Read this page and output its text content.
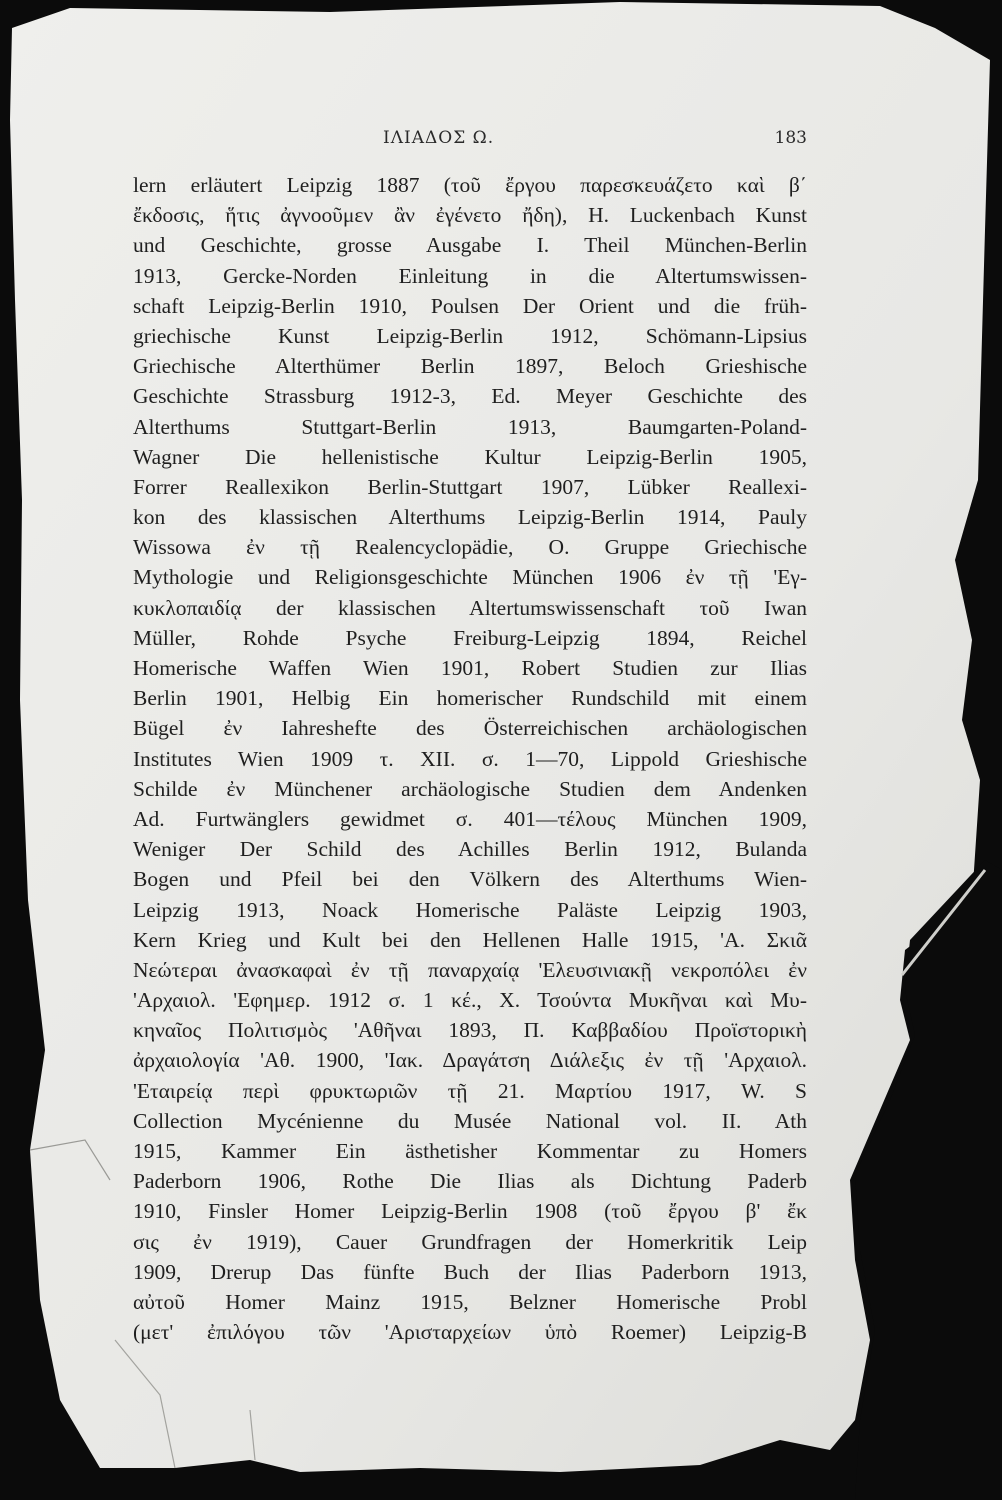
ΙΛΙΑΔΟΣ Ω.	183
lern erläutert Leipzig 1887 (τοῦ ἔργου παρεσκευάζετο καὶ β΄
ἔκδοσις, ἥτις ἀγνοοῦμεν ἂν ἐγένετο ἤδη), H. Luckenbach Kunst
und Geschichte, grosse Ausgabe I. Theil München-Berlin
1913, Gercke-Norden Einleitung in die Altertumswissen-
schaft Leipzig-Berlin 1910, Poulsen Der Orient und die früh-
griechische Kunst Leipzig-Berlin 1912, Schömann-Lipsius
Griechische Alterthümer Berlin 1897, Beloch Grieshische
Geschichte Strassburg 1912-3, Ed. Meyer Geschichte des
Alterthums Stuttgart-Berlin 1913, Baumgarten-Poland-
Wagner Die hellenistische Kultur Leipzig-Berlin 1905,
Forrer Reallexikon Berlin-Stuttgart 1907, Lübker Reallexi-
kon des klassischen Alterthums Leipzig-Berlin 1914, Pauly
Wissowa ἐν τῇ Realencyclopädie, O. Gruppe Griechische
Mythologie und Religionsgeschichte München 1906 ἐν τῇ 'Εγ-
κυκλοπαιδίᾳ der klassischen Altertumswissenschaft τοῦ Iwan
Müller, Rohde Psyche Freiburg-Leipzig 1894, Reichel
Homerische Waffen Wien 1901, Robert Studien zur Ilias
Berlin 1901, Helbig Ein homerischer Rundschild mit einem
Bügel ἐν Iahreshefte des Österreichischen archäologischen
Institutes Wien 1909 τ. XII. σ. 1—70, Lippold Grieshische
Schilde ἐν Münchener archäologische Studien dem Andenken
Ad. Furtwänglers gewidmet σ. 401—τέλους München 1909,
Weniger Der Schild des Achilles Berlin 1912, Bulanda
Bogen und Pfeil bei den Völkern des Alterthums Wien-
Leipzig 1913, Noack Homerische Paläste Leipzig 1903,
Kern Krieg und Kult bei den Hellenen Halle 1915, 'Α. Σκιᾶ
Νεώτεραι ἀνασκαφαὶ ἐν τῇ παναρχαίᾳ 'Ελευσινιακῇ νεκροπόλει ἐν
'Αρχαιολ. 'Εφημερ. 1912 σ. 1 κέ., Χ. Τσούντα Μυκῆναι καὶ Μυ-
κηναῖος Πολιτισμὸς 'Αθῆναι 1893, Π. Καββαδίου Προϊστορικὴ
ἀρχαιολογία 'Αθ. 1900, 'Ιακ. Δραγάτση Διάλεξις ἐν τῇ 'Αρχαιολ.
'Εταιρείᾳ περὶ φρυκτωριῶν τῇ 21. Μαρτίου 1917, W. S
Collection Mycénienne du Musée National vol. II. Ath
1915, Kammer Ein ästhetisher Kommentar zu Homers
Paderborn 1906, Rothe Die Ilias als Dichtung Paderb
1910, Finsler Homer Leipzig-Berlin 1908 (τοῦ ἔργου β' ἔκ
σις ἐν 1919), Cauer Grundfragen der Homerkritik Leip
1909, Drerup Das fünfte Buch der Ilias Paderborn 1913,
αὐτοῦ Homer Mainz 1915, Belzner Homerische Probl
(μετ' ἐπιλόγου τῶν 'Αρισταρχείων ὑπὸ Roemer) Leipzig-B
